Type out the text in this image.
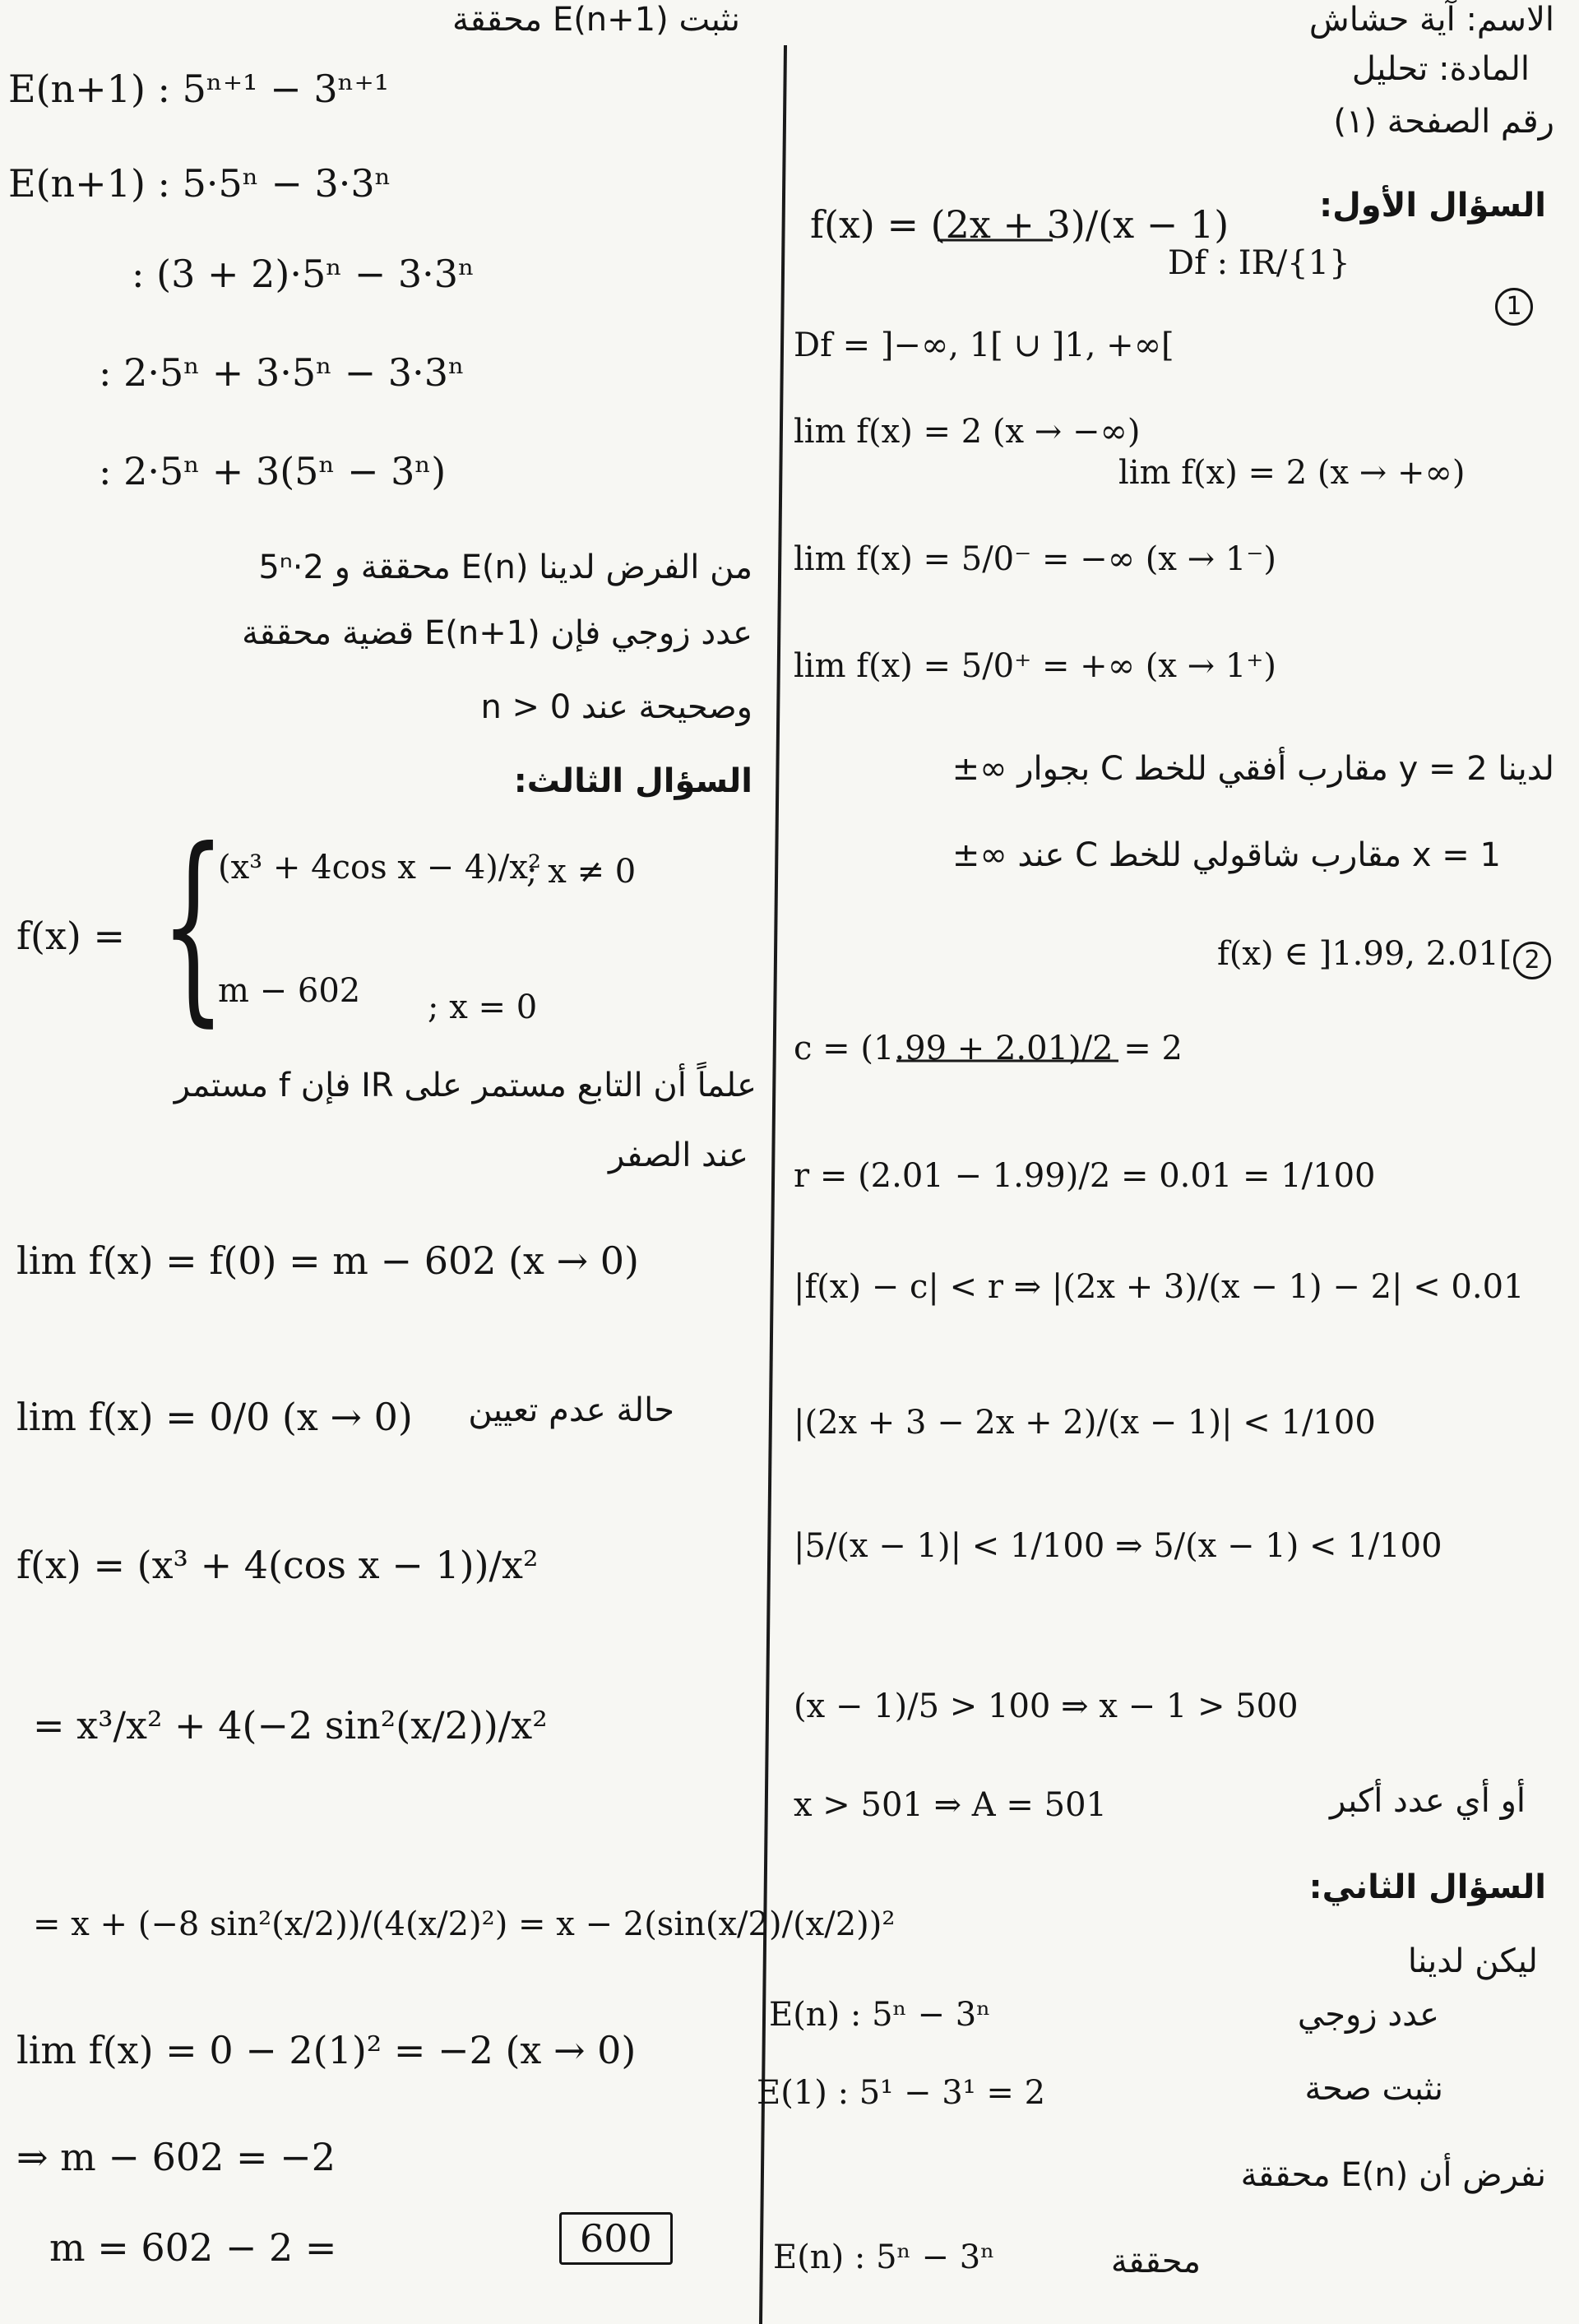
الاسم: آية حشاش
المادة: تحليل
رقم الصفحة (١)
السؤال الأول:
1
f(x) = (2x + 3)/(x − 1)
Df : IR/{1}
Df = ]−∞, 1[ ∪ ]1, +∞[
lim f(x) = 2 (x → −∞)
lim f(x) = 2 (x → +∞)
lim f(x) = 5/0⁻ = −∞ (x → 1⁻)
lim f(x) = 5/0⁺ = +∞ (x → 1⁺)
لدينا y = 2 مقارب أفقي للخط C بجوار ∞±
x = 1 مقارب شاقولي للخط C عند ∞±
2
f(x) ∈ ]1.99, 2.01[
c = (1.99 + 2.01)/2 = 2
r = (2.01 − 1.99)/2 = 0.01 = 1/100
|f(x) − c| < r ⇒ |(2x + 3)/(x − 1) − 2| < 0.01
|(2x + 3 − 2x + 2)/(x − 1)| < 1/100
|5/(x − 1)| < 1/100 ⇒ 5/(x − 1) < 1/100
(x − 1)/5 > 100 ⇒ x − 1 > 500
x > 501 ⇒ A = 501	أو أي عدد أكبر
السؤال الثاني:
ليكن لدينا
E(n) : 5ⁿ − 3ⁿ	عدد زوجي
E(1) : 5¹ − 3¹ = 2	نثبت صحة
نفرض أن E(n) محققة
E(n) : 5ⁿ − 3ⁿ	محققة
نثبت E(n+1) محققة
E(n+1) : 5ⁿ⁺¹ − 3ⁿ⁺¹
E(n+1) : 5·5ⁿ − 3·3ⁿ
: (3 + 2)·5ⁿ − 3·3ⁿ
: 2·5ⁿ + 3·5ⁿ − 3·3ⁿ
: 2·5ⁿ + 3(5ⁿ − 3ⁿ)
من الفرض لدينا E(n) محققة و 2·5ⁿ
عدد زوجي فإن E(n+1) قضية محققة
وصحيحة عند n > 0
السؤال الثالث:
f(x) = {
(x³ + 4cos x − 4)/x²
; x ≠ 0
m − 602 ; x = 0
علماً أن التابع مستمر على IR فإن f مستمر
عند الصفر
lim f(x) = f(0) = m − 602 (x → 0)
lim f(x) = 0/0 (x → 0) حالة عدم تعيين
f(x) = (x³ + 4(cos x − 1))/x²
= x³/x² + 4(−2 sin²(x/2))/x²
= x + (−8 sin²(x/2))/(4(x/2)²) = x − 2(sin(x/2)/(x/2))²
lim f(x) = 0 − 2(1)² = −2 (x → 0)
⇒ m − 602 = −2
m = 602 − 2 =	600
